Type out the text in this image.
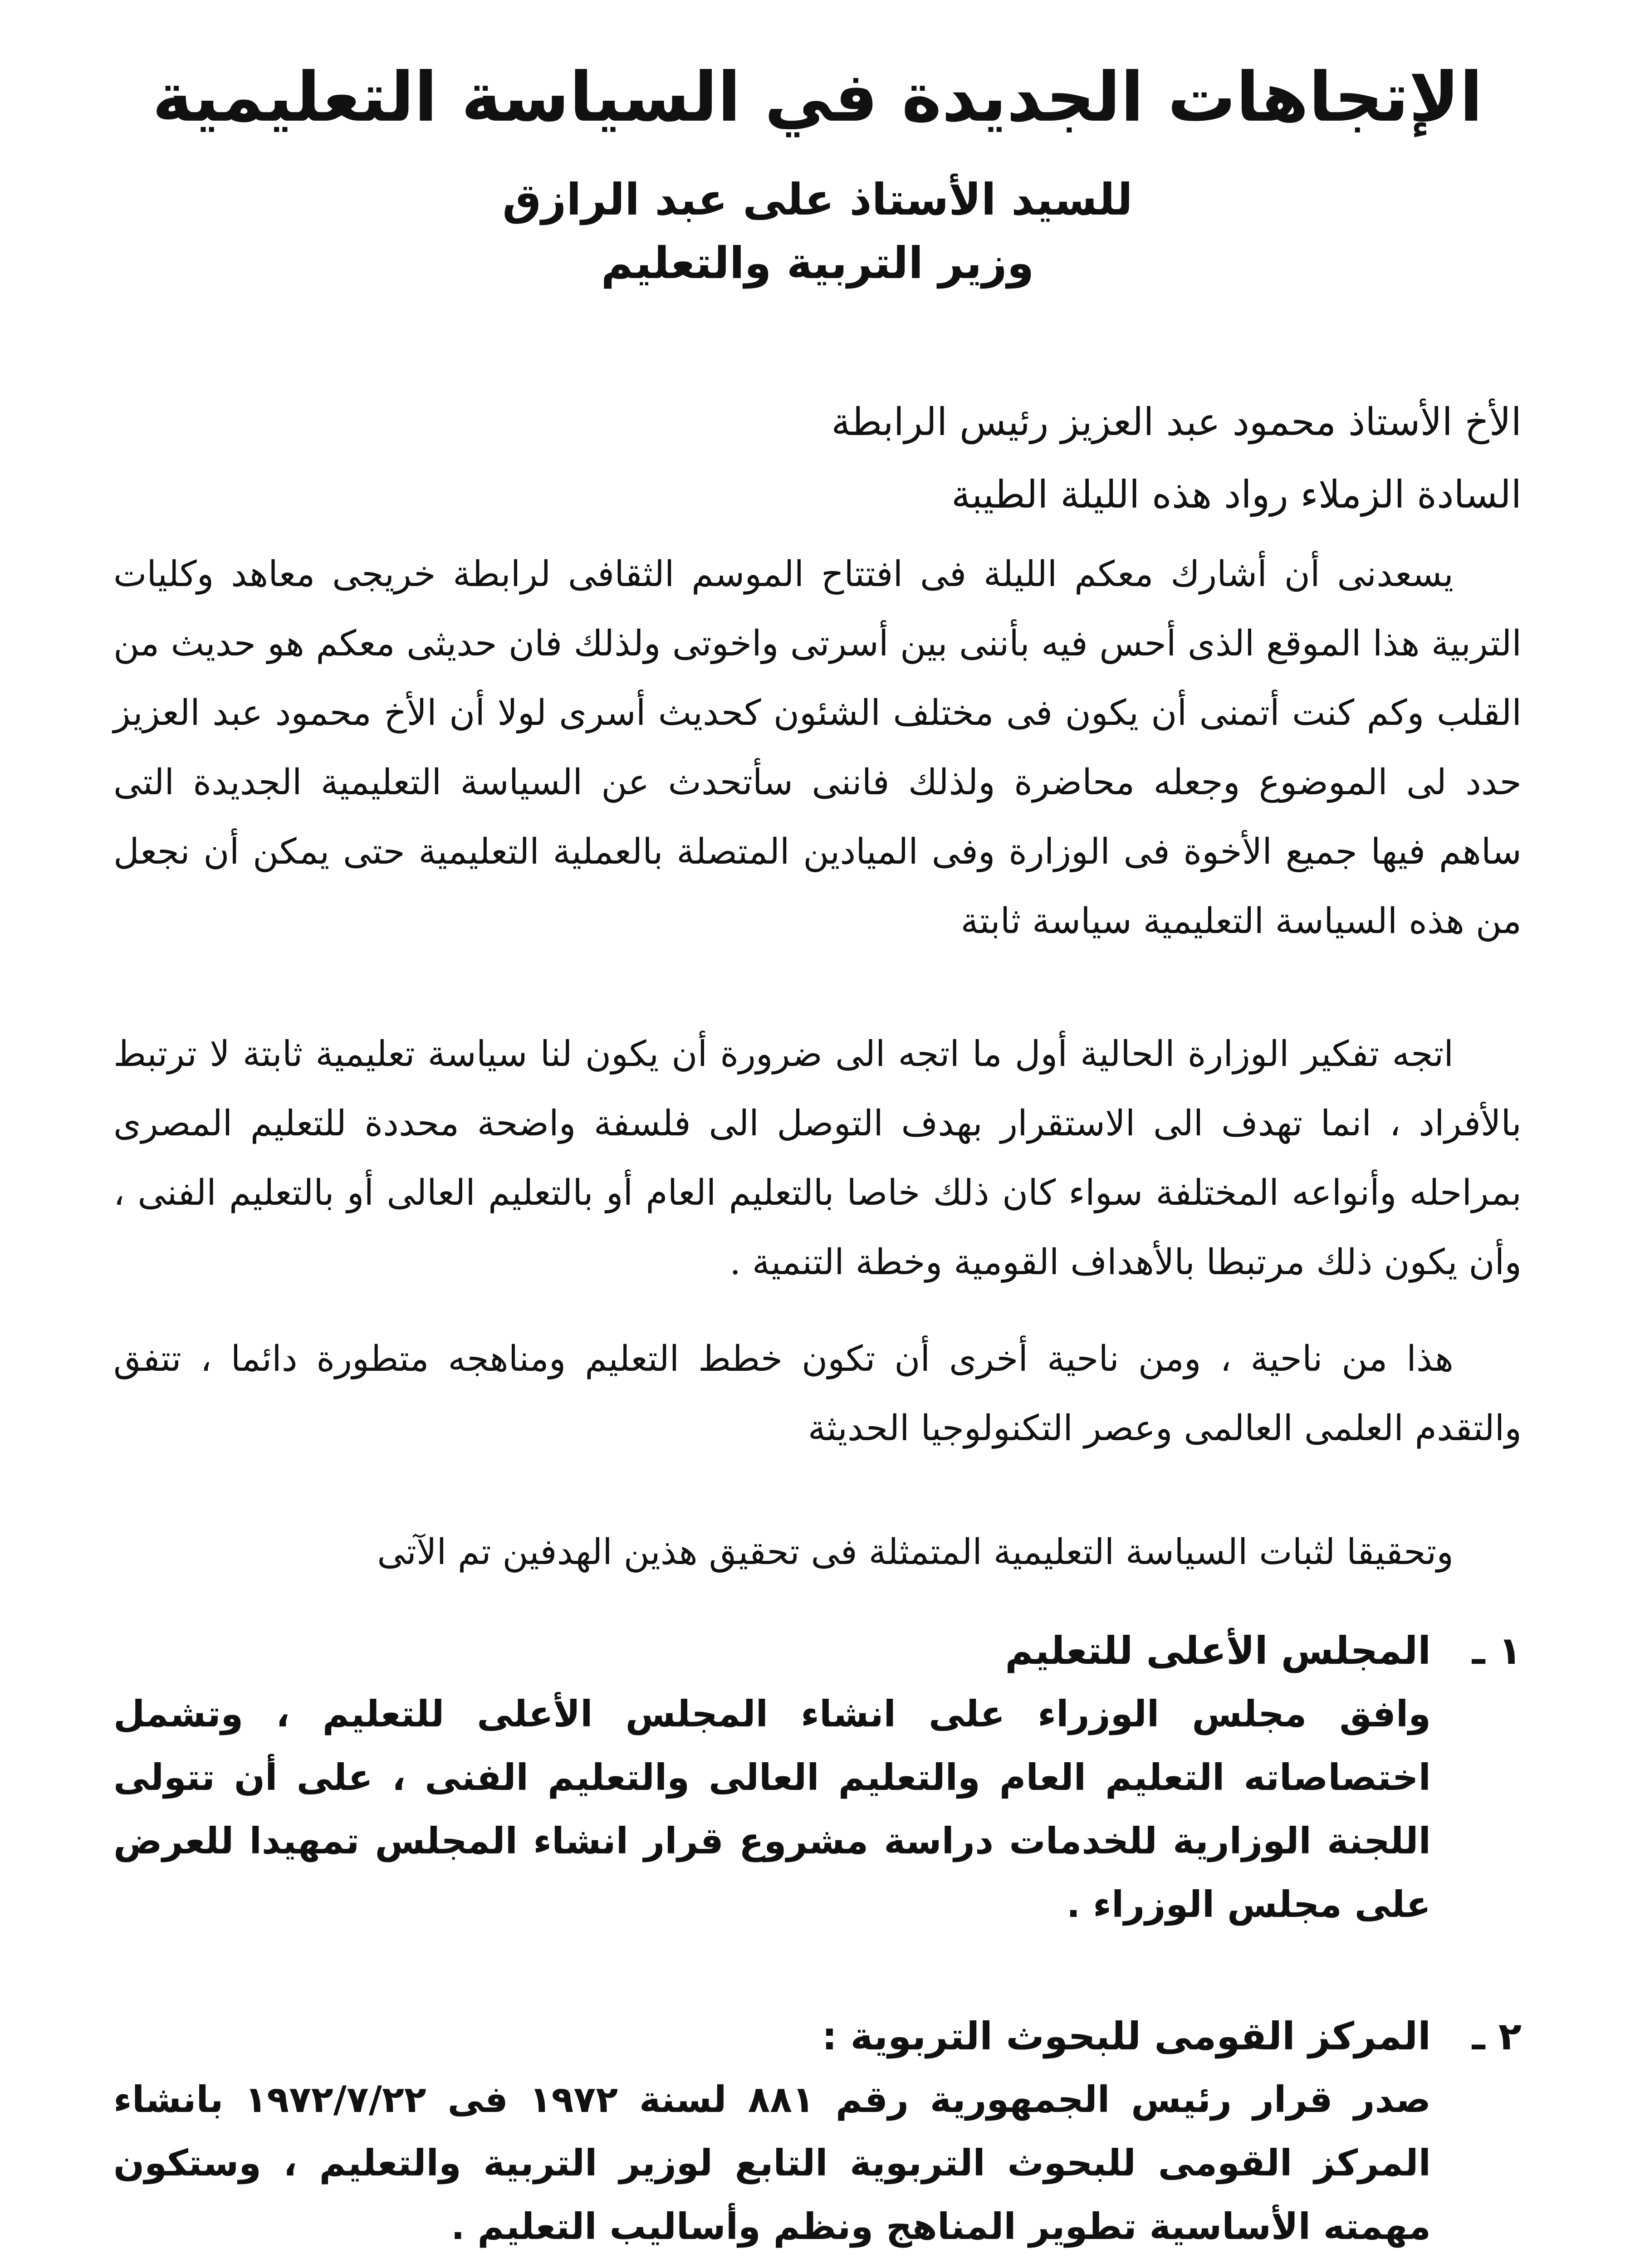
الإتجاهات الجديدة في السياسة التعليمية

للسيد الأستاذ على عبد الرازق

وزير التربية والتعليم

الأخ الأستاذ محمود عبد العزيز رئيس الرابطة

السادة الزملاء رواد هذه الليلة الطيبة

يسعدنى أن أشارك معكم الليلة فى افتتاح الموسم الثقافى لرابطة خريجى معاهد وكليات التربية هذا الموقع الذى أحس فيه بأننى بين أسرتى واخوتى ولذلك فان حديثى معكم هو حديث من القلب وكم كنت أتمنى أن يكون فى مختلف الشئون كحديث أسرى لولا أن الأخ محمود عبد العزيز حدد لى الموضوع وجعله محاضرة ولذلك فاننى سأتحدث عن السياسة التعليمية الجديدة التى ساهم فيها جميع الأخوة فى الوزارة وفى الميادين المتصلة بالعملية التعليمية حتى يمكن أن نجعل من هذه السياسة التعليمية سياسة ثابتة

اتجه تفكير الوزارة الحالية أول ما اتجه الى ضرورة أن يكون لنا سياسة تعليمية ثابتة لا ترتبط بالأفراد ، انما تهدف الى الاستقرار بهدف التوصل الى فلسفة واضحة محددة للتعليم المصرى بمراحله وأنواعه المختلفة سواء كان ذلك خاصا بالتعليم العام أو بالتعليم العالى أو بالتعليم الفنى ، وأن يكون ذلك مرتبطا بالأهداف القومية وخطة التنمية .

هذا من ناحية ، ومن ناحية أخرى أن تكون خطط التعليم ومناهجه متطورة دائما ، تتفق والتقدم العلمى العالمى وعصر التكنولوجيا الحديثة

وتحقيقا لثبات السياسة التعليمية المتمثلة فى تحقيق هذين الهدفين تم الآتى

١ ـ

المجلس الأعلى للتعليم

وافق مجلس الوزراء على انشاء المجلس الأعلى للتعليم ، وتشمل اختصاصاته التعليم العام والتعليم العالى والتعليم الفنى ، على أن تتولى اللجنة الوزارية للخدمات دراسة مشروع قرار انشاء المجلس تمهيدا للعرض على مجلس الوزراء .

٢ ـ

المركز القومى للبحوث التربوية :

صدر قرار رئيس الجمهورية رقم ٨٨١ لسنة ١٩٧٢ فى ١٩٧٢/٧/٢٢ بانشاء المركز القومى للبحوث التربوية التابع لوزير التربية والتعليم ، وستكون مهمته الأساسية تطوير المناهج ونظم وأساليب التعليم .
